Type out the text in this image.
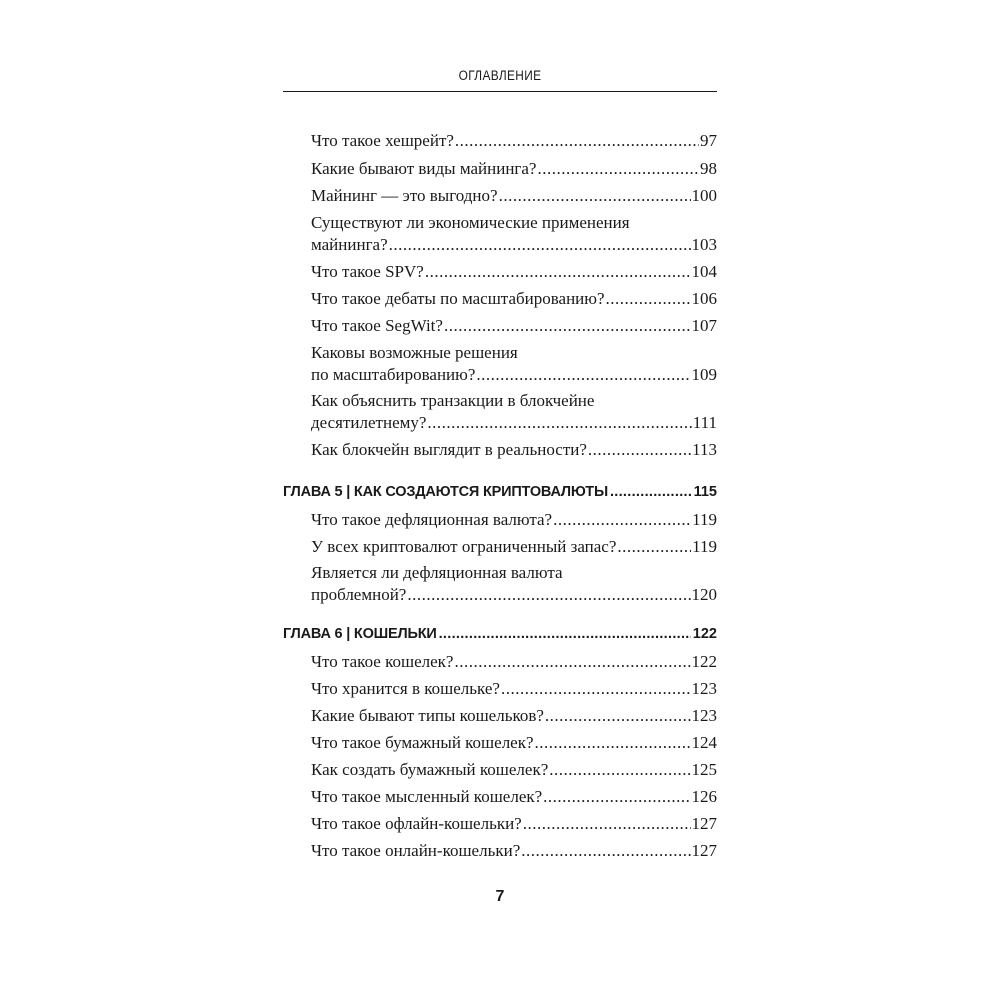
ОГЛАВЛЕНИЕ
Что такое хешрейт? .....	97
Какие бывают виды майнинга? .....	98
Майнинг — это выгодно? .....	100
Существуют ли экономические применения
майнинга? .....	103
Что такое SPV? .....	104
Что такое дебаты по масштабированию? .....	106
Что такое SegWit? .....	107
Каковы возможные решения
по масштабированию? .....	109
Как объяснить транзакции в блокчейне
десятилетнему? .....	111
Как блокчейн выглядит в реальности? .....	113
ГЛАВА 5 | КАК СОЗДАЮТСЯ КРИПТОВАЛЮТЫ .....	115
Что такое дефляционная валюта? .....	119
У всех криптовалют ограниченный запас? .....	119
Является ли дефляционная валюта
проблемной? .....	120
ГЛАВА 6 | КОШЕЛЬКИ .....	122
Что такое кошелек? .....	122
Что хранится в кошельке? .....	123
Какие бывают типы кошельков? .....	123
Что такое бумажный кошелек? .....	124
Как создать бумажный кошелек? .....	125
Что такое мысленный кошелек? .....	126
Что такое офлайн-кошельки? .....	127
Что такое онлайн-кошельки? .....	127
7
